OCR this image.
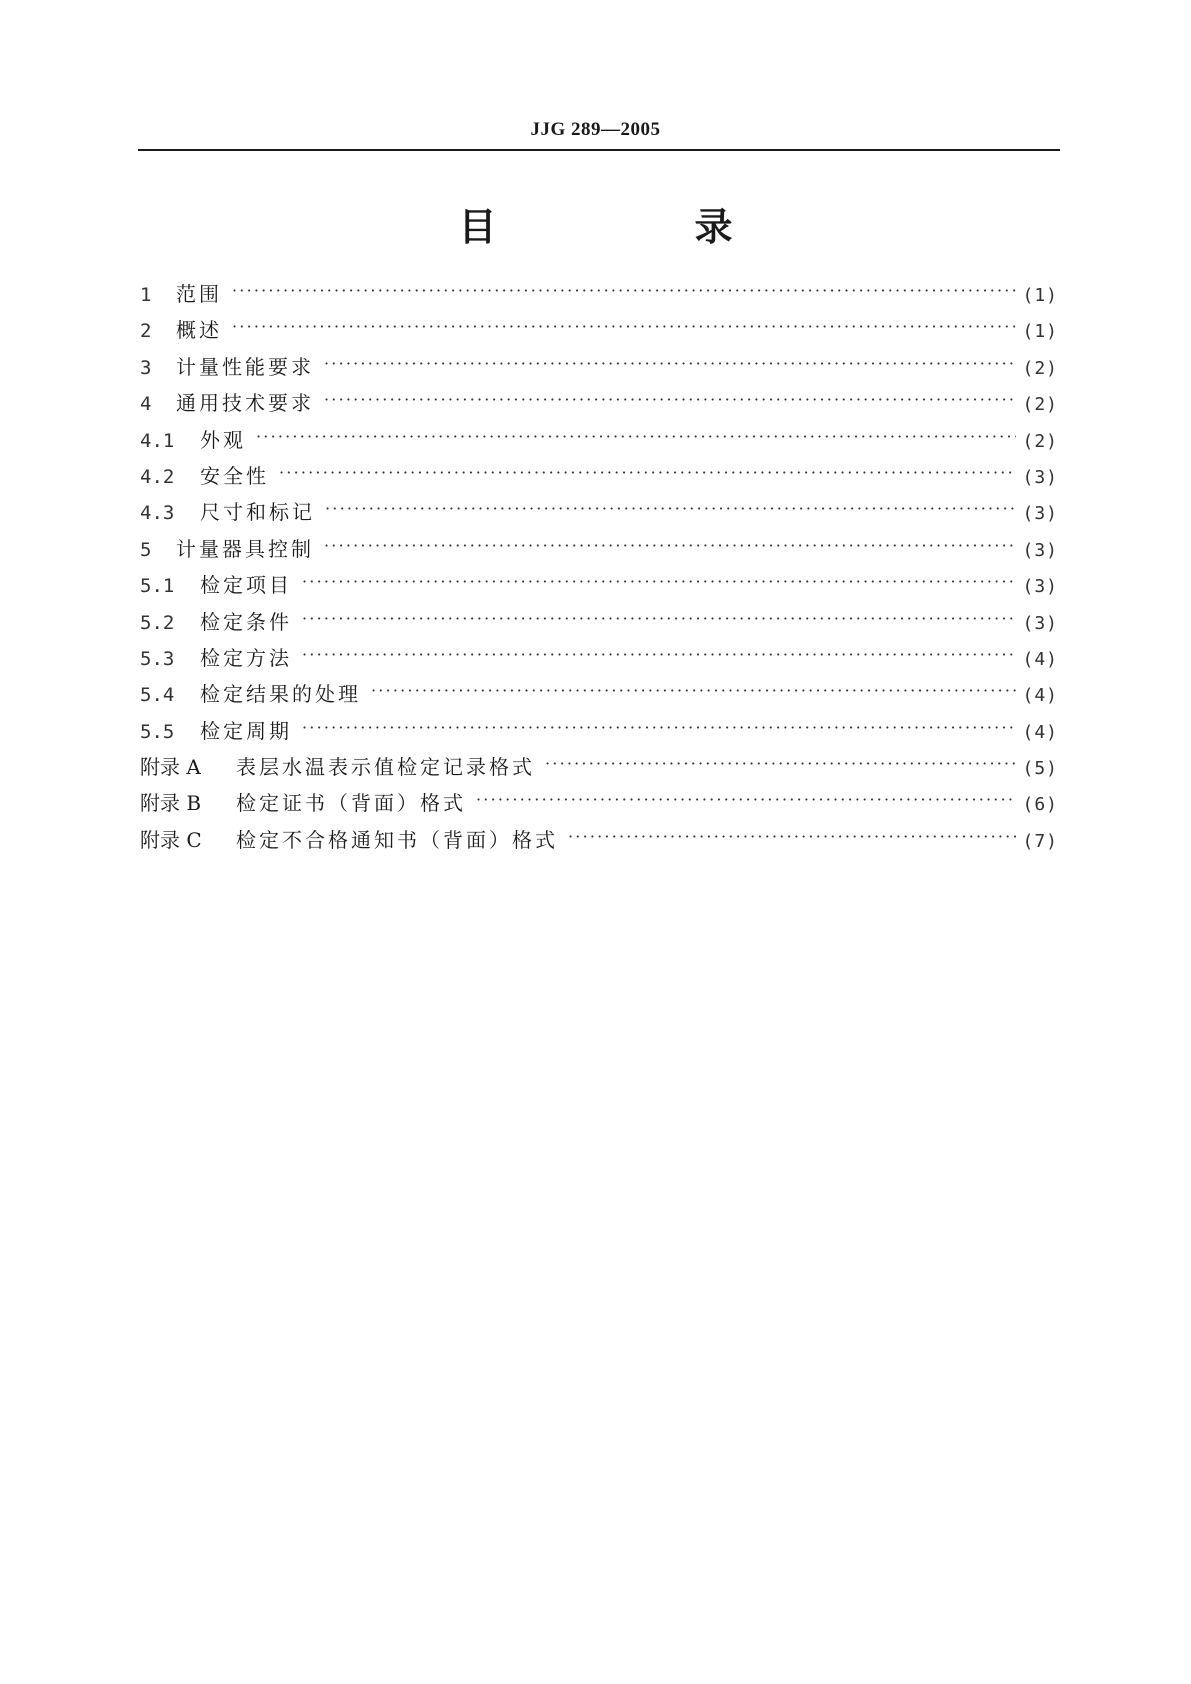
JJG 289—2005
目　录
1	范围 ·····	(1)
2	概述 ·····	(1)
3	计量性能要求 ·····	(2)
4	通用技术要求 ·····	(2)
4.1	外观 ·····	(2)
4.2	安全性 ·····	(3)
4.3	尺寸和标记 ·····	(3)
5	计量器具控制 ·····	(3)
5.1	检定项目 ·····	(3)
5.2	检定条件 ·····	(3)
5.3	检定方法 ·····	(4)
5.4	检定结果的处理 ·····	(4)
5.5	检定周期 ·····	(4)
附录 A	表层水温表示值检定记录格式 ·····	(5)
附录 B	检定证书（背面）格式 ·····	(6)
附录 C	检定不合格通知书（背面）格式 ·····	(7)
